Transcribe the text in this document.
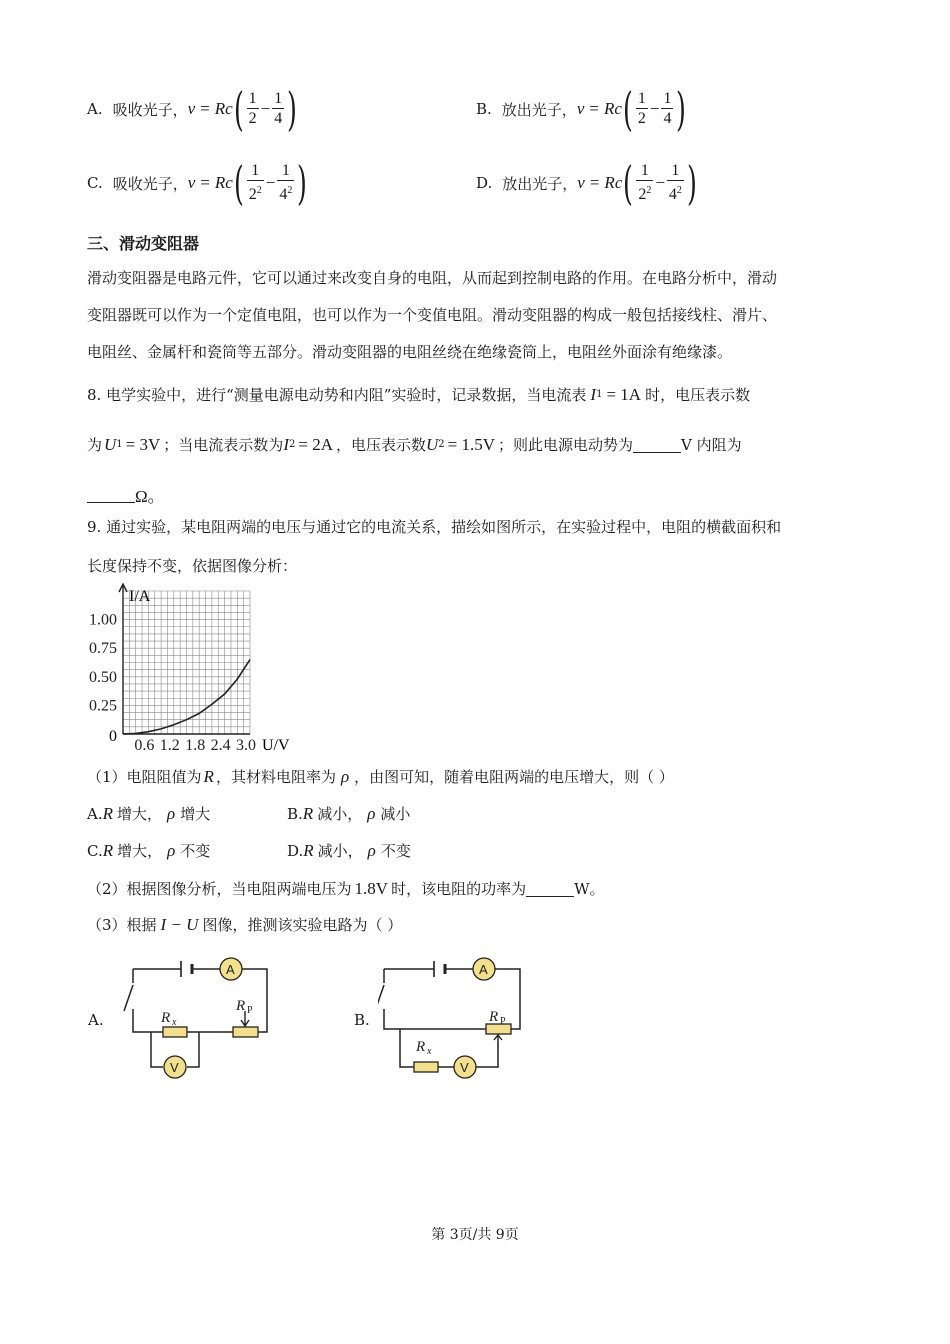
A. 吸收光子， ν = R c ( $\frac{1}{2} - \frac{1}{4}$ )	B. 放出光子， ν = R c ( $\frac{1}{2} - \frac{1}{4}$ )
C. 吸收光子， ν = R c ( $\frac{1}{2^2} - \frac{1}{4^2}$ )	D. 放出光子， ν = R c ( $\frac{1}{2^2} - \frac{1}{4^2}$ )
三、滑动变阻器
滑动变阻器是电路元件，它可以通过来改变自身的电阻，从而起到控制电路的作用。在电路分析中，滑动
变阻器既可以作为一个定值电阻，也可以作为一个变值电阻。滑动变阻器的构成一般包括接线柱、滑片、
电阻丝、金属杆和瓷筒等五部分。滑动变阻器的电阻丝绕在绝缘瓷筒上，电阻丝外面涂有绝缘漆。
8. 电学实验中，进行“测量电源电动势和内阻”实验时，记录数据，当电流表 I 1 = 1A 时，电压表示数
为 U 1 = 3V ；当电流表示数为 I 2 = 2A ，电压表示数 U 2 = 1.5V ；则此电源电动势为	V 内阻为
Ω。
9. 通过实验，某电阻两端的电压与通过它的电流关系，描绘如图所示，在实验过程中，电阻的横截面积和
长度保持不变，依据图像分析：
1.00
0.75
0.50
0.25
0.6 1.2 1.8 2.4 3.0
I/A
U/V
0
（1）电阻阻值为 R ，其材料电阻率为 ρ ，由图可知，随着电阻两端的电压增大，则（ ）
A. R 增大， ρ 增大	B. R 减小， ρ 减小
C. R 增大， ρ 不变	D. R 减小， ρ 不变
（2）根据图像分析，当电阻两端电压为 1.8V 时，该电阻的功率为	W。
（3）根据 I − U 图像，推测该实验电路为（ ）
A.
A
R x
V
R P
B.
A
R P
R x
V
第 3页/共 9页
